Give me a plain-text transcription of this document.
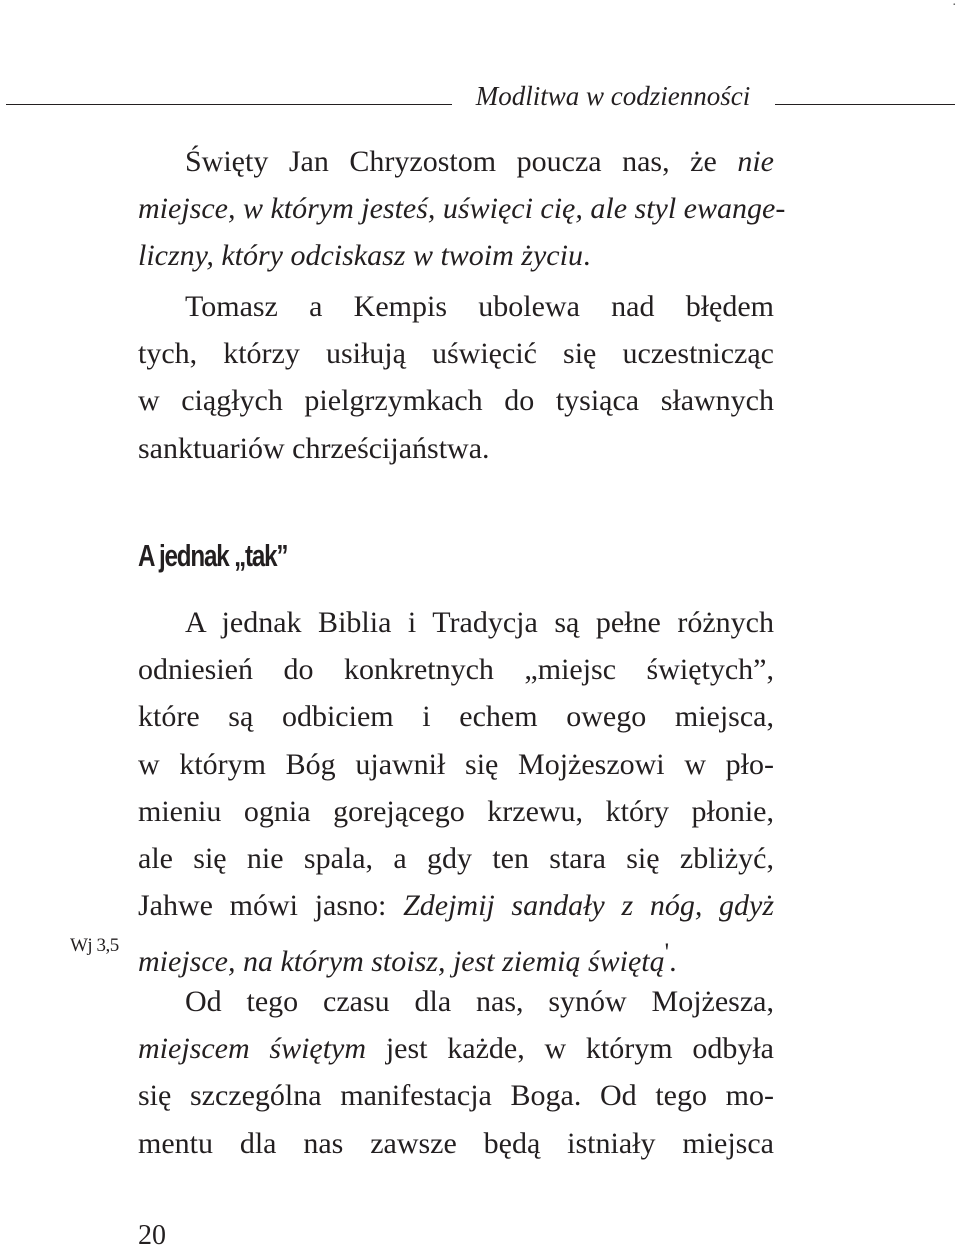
.
Modlitwa w codzienności

Święty Jan Chryzostom poucza nas, że nie
miejsce, w którym jesteś, uświęci cię, ale styl ewange-
liczny, który odciskasz w twoim życiu.

Tomasz a Kempis ubolewa nad błędem
tych, którzy usiłują uświęcić się uczestnicząc
w ciągłych pielgrzymkach do tysiąca sławnych
sanktuariów chrześcijaństwa.

A jednak „tak”

A jednak Biblia i Tradycja są pełne różnych
odniesień do konkretnych „miejsc świętych”,
które są odbiciem i echem owego miejsca,
w którym Bóg ujawnił się Mojżeszowi w pło-
mieniu ognia gorejącego krzewu, który płonie,
ale się nie spala, a gdy ten stara się zbliżyć,
Jahwe mówi jasno: Zdejmij sandały z nóg, gdyż
miejsce, na którym stoisz, jest ziemią świętą'.

Wj 3,5

Od tego czasu dla nas, synów Mojżesza,
miejscem świętym jest każde, w którym odbyła
się szczególna manifestacja Boga. Od tego mo-
mentu dla nas zawsze będą istniały miejsca

20
